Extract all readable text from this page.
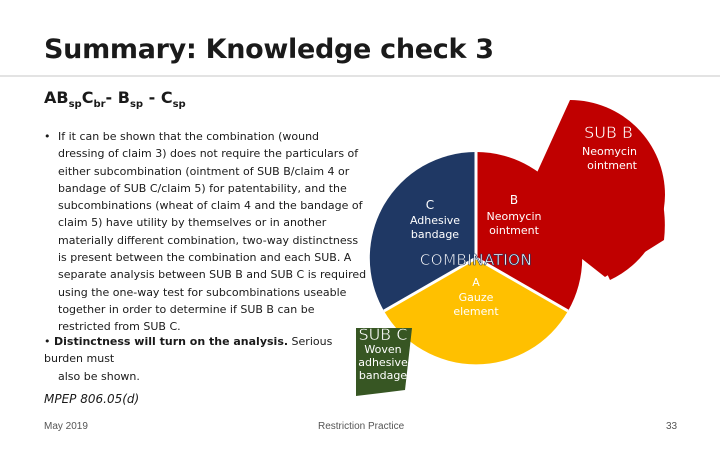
Summary: Knowledge check 3
$AB_{sp}C_{br}-$ $B_{sp} - C_{sp}$
• If it can be shown that the combination (wound dressing of claim 3) does not require the particulars of either subcombination (ointment of SUB B/claim 4 or bandage of SUB C/claim 5) for patentability, and the subcombinations (wheat of claim 4 and the bandage of claim 5) have utility by themselves or in another materially different combination, two-way distinctness is present between the combination and each SUB. A separate analysis between SUB B and SUB C is required using the one-way test for subcombinations useable together in order to determine if SUB B can be restricted from SUB C.
• Distinctness will turn on the analysis. Serious burden must
also be shown.
C
Adhesive
bandage
B
Neomycin
ointment
COMBINATION
A
Gauze
element
SUB B
Neomycin
ointment
SUB C
Woven
adhesive
bandage
MPEP 806.05(d)
May 2019	Restriction Practice	33
